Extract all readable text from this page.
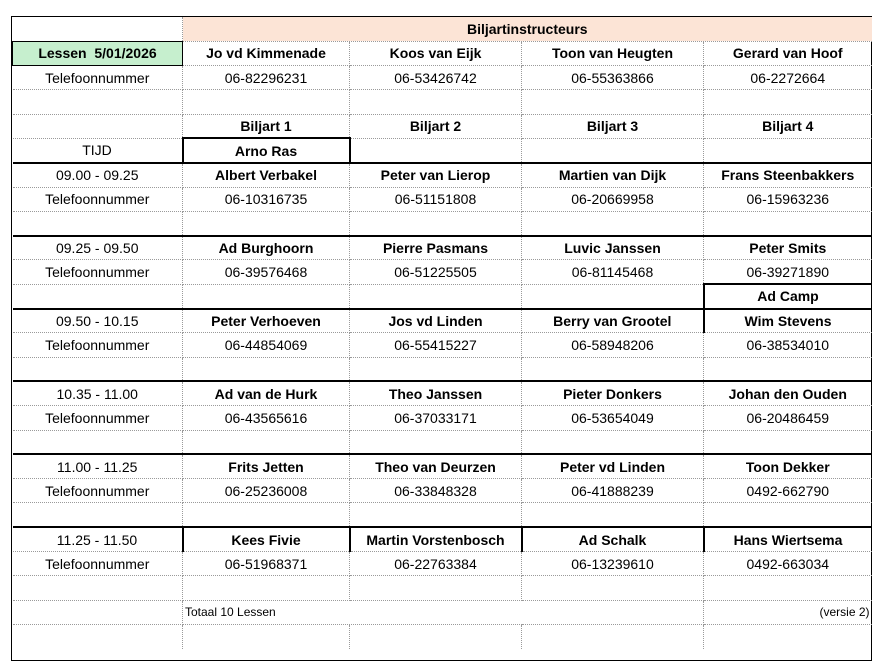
	Biljartinstructeurs			
Lessen 5/01/2026	Jo vd Kimmenade	Koos van Eijk	Toon van Heugten	Gerard van Hoof
Telefoonnummer	06-82296231	06-53426742	06-55363866	06-2272664

	Biljart 1	Biljart 2	Biljart 3	Biljart 4
TIJD	Arno Ras			
09.00 - 09.25	Albert Verbakel	Peter van Lierop	Martien van Dijk	Frans Steenbakkers
Telefoonnummer	06-10316735	06-51151808	06-20669958	06-15963236

09.25 - 09.50	Ad Burghoorn	Pierre Pasmans	Luvic Janssen	Peter Smits
Telefoonnummer	06-39576468	06-51225505	06-81145468	06-39271890
				Ad Camp
09.50 - 10.15	Peter Verhoeven	Jos vd Linden	Berry van Grootel	Wim Stevens
Telefoonnummer	06-44854069	06-55415227	06-58948206	06-38534010

10.35 - 11.00	Ad van de Hurk	Theo Janssen	Pieter Donkers	Johan den Ouden
Telefoonnummer	06-43565616	06-37033171	06-53654049	06-20486459

11.00 - 11.25	Frits Jetten	Theo van Deurzen	Peter vd Linden	Toon Dekker
Telefoonnummer	06-25236008	06-33848328	06-41888239	0492-662790

11.25 - 11.50	Kees Fivie	Martin Vorstenbosch	Ad Schalk	Hans Wiertsema
Telefoonnummer	06-51968371	06-22763384	06-13239610	0492-663034

	Totaal 10 Lessen			(versie 2)
